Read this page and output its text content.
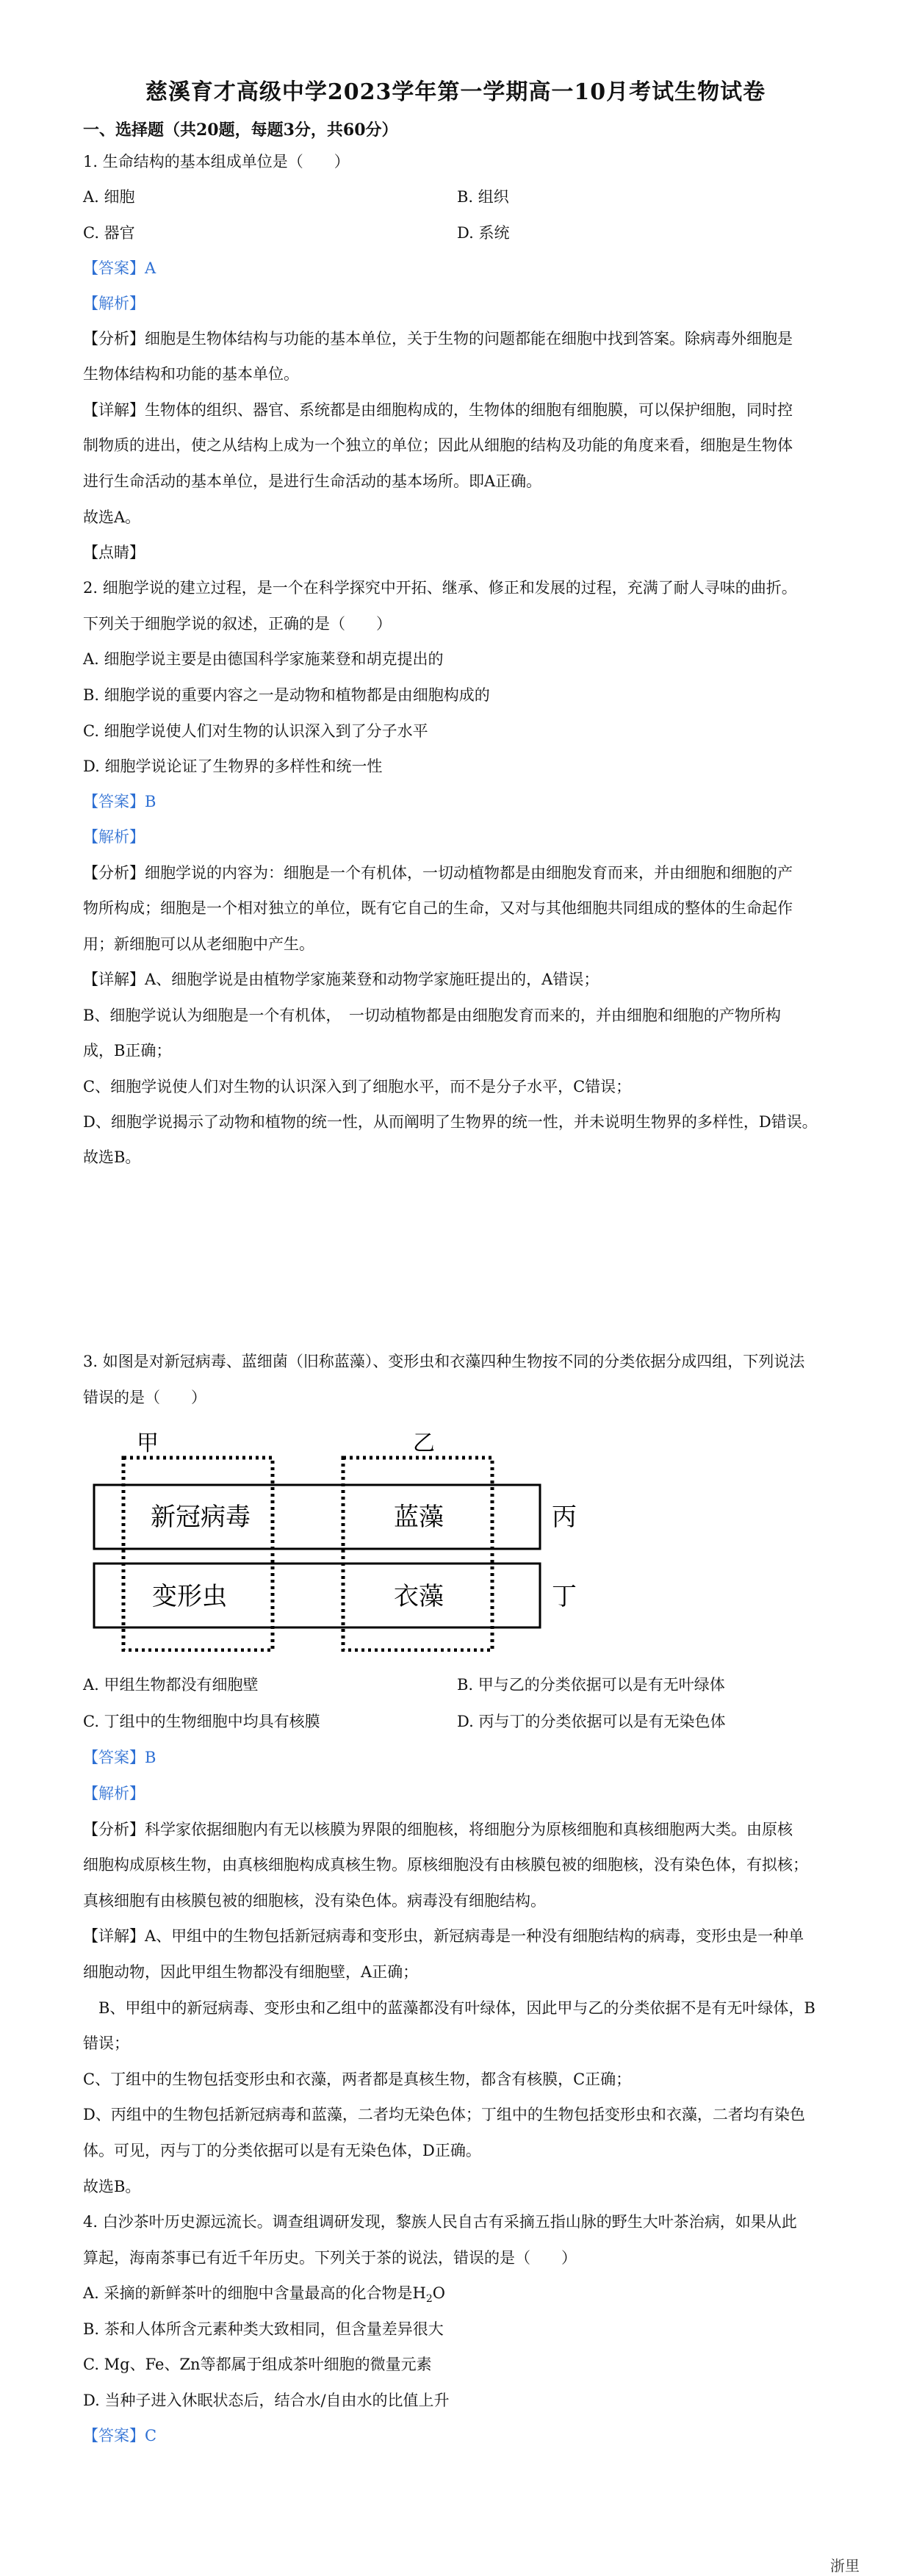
慈溪育才高级中学2023学年第一学期高一10月考试生物试卷
一、选择题（共20题，每题3分，共60分）
1. 生命结构的基本组成单位是（　　）
A. 细胞	B. 组织
C. 器官	D. 系统
【答案】A
【解析】
【分析】细胞是生物体结构与功能的基本单位，关于生物的问题都能在细胞中找到答案。除病毒外细胞是
生物体结构和功能的基本单位。
【详解】生物体的组织、器官、系统都是由细胞构成的，生物体的细胞有细胞膜，可以保护细胞，同时控
制物质的进出，使之从结构上成为一个独立的单位；因此从细胞的结构及功能的角度来看，细胞是生物体
进行生命活动的基本单位，是进行生命活动的基本场所。即A正确。
故选A。
【点睛】
2. 细胞学说的建立过程，是一个在科学探究中开拓、继承、修正和发展的过程，充满了耐人寻味的曲折。
下列关于细胞学说的叙述，正确的是（　　）
A. 细胞学说主要是由德国科学家施莱登和胡克提出的
B. 细胞学说的重要内容之一是动物和植物都是由细胞构成的
C. 细胞学说使人们对生物的认识深入到了分子水平
D. 细胞学说论证了生物界的多样性和统一性
【答案】B
【解析】
【分析】细胞学说的内容为：细胞是一个有机体，一切动植物都是由细胞发育而来，并由细胞和细胞的产
物所构成；细胞是一个相对独立的单位，既有它自己的生命，又对与其他细胞共同组成的整体的生命起作
用；新细胞可以从老细胞中产生。
【详解】A、细胞学说是由植物学家施莱登和动物学家施旺提出的，A错误；
B、细胞学说认为细胞是一个有机体，　一切动植物都是由细胞发育而来的，并由细胞和细胞的产物所构
成，B正确；
C、细胞学说使人们对生物的认识深入到了细胞水平，而不是分子水平，C错误；
D、细胞学说揭示了动物和植物的统一性，从而阐明了生物界的统一性，并未说明生物界的多样性，D错误。
故选B。
3. 如图是对新冠病毒、蓝细菌（旧称蓝藻）、变形虫和衣藻四种生物按不同的分类依据分成四组，下列说法
错误的是（　　）
甲	乙
丙
丁
新冠病毒	蓝藻
变形虫	衣藻
A. 甲组生物都没有细胞壁	B. 甲与乙的分类依据可以是有无叶绿体
C. 丁组中的生物细胞中均具有核膜	D. 丙与丁的分类依据可以是有无染色体
【答案】B
【解析】
【分析】科学家依据细胞内有无以核膜为界限的细胞核，将细胞分为原核细胞和真核细胞两大类。由原核
细胞构成原核生物，由真核细胞构成真核生物。原核细胞没有由核膜包被的细胞核，没有染色体，有拟核；
真核细胞有由核膜包被的细胞核，没有染色体。病毒没有细胞结构。
【详解】A、甲组中的生物包括新冠病毒和变形虫，新冠病毒是一种没有细胞结构的病毒，变形虫是一种单
细胞动物，因此甲组生物都没有细胞壁，A正确；
　B、甲组中的新冠病毒、变形虫和乙组中的蓝藻都没有叶绿体，因此甲与乙的分类依据不是有无叶绿体，B
错误；
C、丁组中的生物包括变形虫和衣藻，两者都是真核生物，都含有核膜，C正确；
D、丙组中的生物包括新冠病毒和蓝藻，二者均无染色体；丁组中的生物包括变形虫和衣藻，二者均有染色
体。可见，丙与丁的分类依据可以是有无染色体，D正确。
故选B。
4. 白沙茶叶历史源远流长。调查组调研发现，黎族人民自古有采摘五指山脉的野生大叶茶治病，如果从此
算起，海南茶事已有近千年历史。下列关于茶的说法，错误的是（　　）
A. 采摘的新鲜茶叶的细胞中含量最高的化合物是$H_2O$
B. 茶和人体所含元素种类大致相同，但含量差异很大
C. Mg、Fe、Zn等都属于组成茶叶细胞的微量元素
D. 当种子进入休眠状态后，结合水/自由水的比值上升
【答案】C
浙里
